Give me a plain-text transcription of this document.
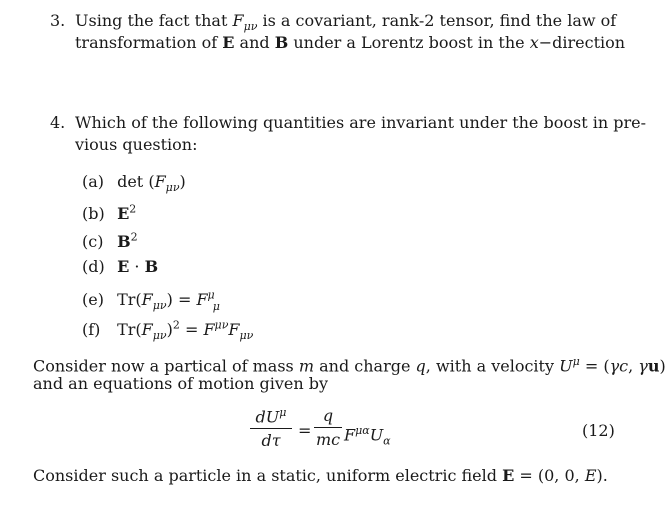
3. Using the fact that $F_{\mu\nu}$ is a covariant, rank-2 tensor, find the law of
transformation of E and B under a Lorentz boost in the x−direction
4. Which of the following quantities are invariant under the boost in pre-
vious question:
(a) $\det (F_{\mu\nu})$
(b) $E^2$
(c) $B^2$
(d) E · B
(e) $Tr(F_{\mu\nu}) = F^\mu_\mu$
(f) $Tr(F_{\mu\nu})^2 = F^{\mu\nu}F_{\mu\nu}$
Consider now a partical of mass m and charge q, with a velocity $U^\mu = (\gamma c$, γu)
and an equations of motion given by
$dU^\mu$
dτ
=
q
mc $F^{\mu\alpha}U_\alpha$
(12)
Consider such a particle in a static, uniform electric field E = (0, 0, E).
